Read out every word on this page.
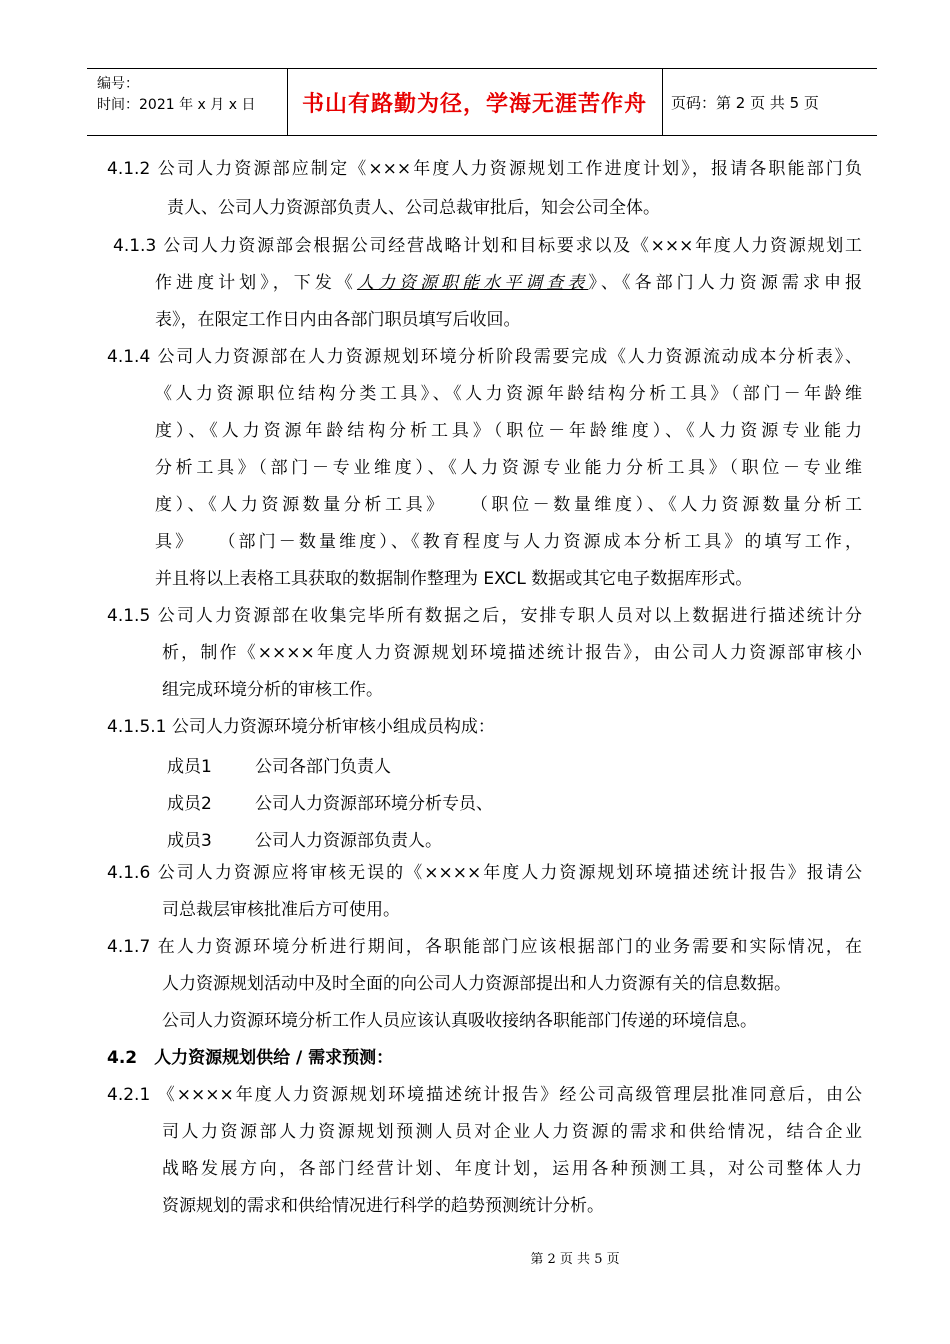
编号：
时间：2021 年 x 月 x 日	书山有路勤为径，学海无涯苦作舟	页码：第 2 页 共 5 页
4.1.2 公司人力资源部应制定《×××年度人力资源规划工作进度计划》，报请各职能部门负
责人、公司人力资源部负责人、公司总裁审批后，知会公司全体。
4.1.3 公司人力资源部会根据公司经营战略计划和目标要求以及《×××年度人力资源规划工
作进度计划》，下发《人力资源职能水平调查表》、《各部门人力资源需求申报
表》，在限定工作日内由各部门职员填写后收回。
4.1.4 公司人力资源部在人力资源规划环境分析阶段需要完成《人力资源流动成本分析表》、
《人力资源职位结构分类工具》、《人力资源年龄结构分析工具》（部门－年龄维
度）、《人力资源年龄结构分析工具》（职位－年龄维度）、《人力资源专业能力
分析工具》（部门－专业维度）、《人力资源专业能力分析工具》（职位－专业维
度）、《人力资源数量分析工具》　　（职位－数量维度）、《人力资源数量分析工
具》　　（部门－数量维度）、《教育程度与人力资源成本分析工具》的填写工作，
并且将以上表格工具获取的数据制作整理为 EXCL 数据或其它电子数据库形式。
4.1.5 公司人力资源部在收集完毕所有数据之后，安排专职人员对以上数据进行描述统计分
析，制作《××××年度人力资源规划环境描述统计报告》，由公司人力资源部审核小
组完成环境分析的审核工作。
4.1.5.1 公司人力资源环境分析审核小组成员构成：
成员1	公司各部门负责人
成员2	公司人力资源部环境分析专员、
成员3	公司人力资源部负责人。
4.1.6 公司人力资源应将审核无误的《××××年度人力资源规划环境描述统计报告》报请公
司总裁层审核批准后方可使用。
4.1.7 在人力资源环境分析进行期间，各职能部门应该根据部门的业务需要和实际情况，在
人力资源规划活动中及时全面的向公司人力资源部提出和人力资源有关的信息数据。
公司人力资源环境分析工作人员应该认真吸收接纳各职能部门传递的环境信息。
4.2　人力资源规划供给 / 需求预测：
4.2.1 《××××年度人力资源规划环境描述统计报告》经公司高级管理层批准同意后，由公
司人力资源部人力资源规划预测人员对企业人力资源的需求和供给情况，结合企业
战略发展方向，各部门经营计划、年度计划，运用各种预测工具，对公司整体人力
资源规划的需求和供给情况进行科学的趋势预测统计分析。
第 2 页 共 5 页
